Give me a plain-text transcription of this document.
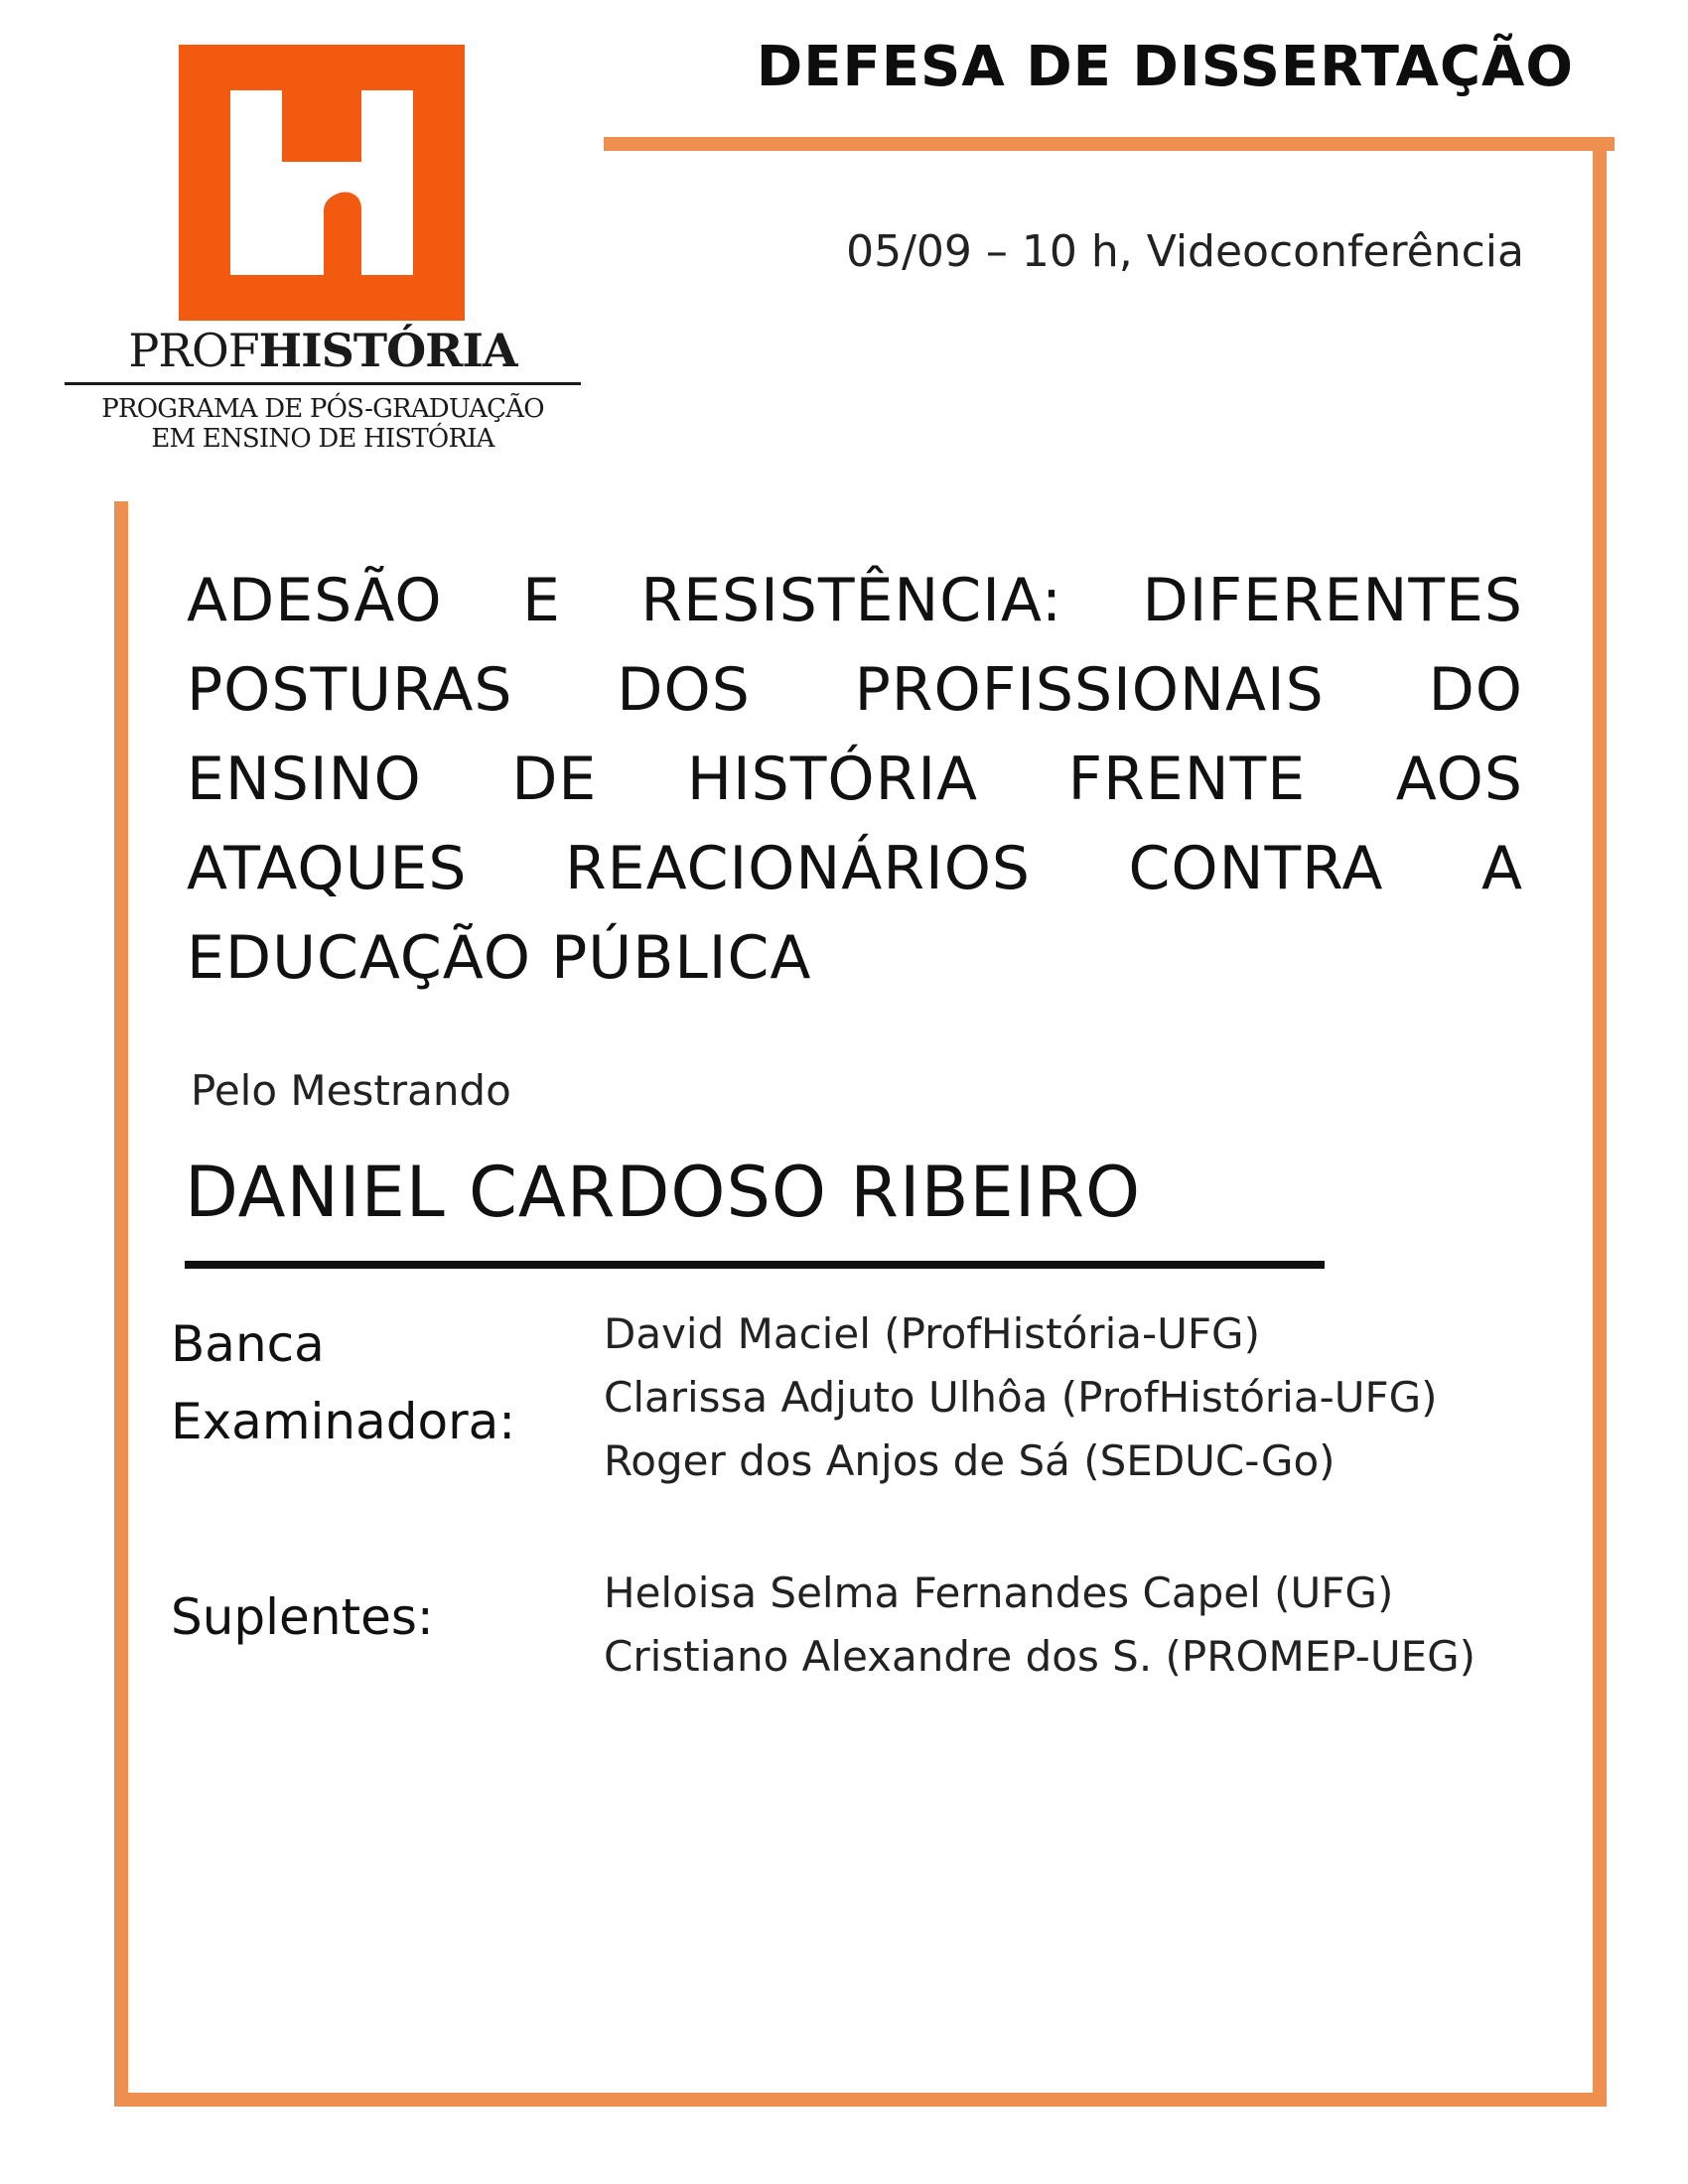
PROFHISTÓRIA
PROGRAMA DE PÓS-GRADUAÇÃO
EM ENSINO DE HISTÓRIA
DEFESA DE DISSERTAÇÃO
05/09 – 10 h, Videoconferência
ADESÃO E RESISTÊNCIA: DIFERENTES POSTURAS DOS PROFISSIONAIS DO ENSINO DE HISTÓRIA FRENTE AOS ATAQUES REACIONÁRIOS CONTRA A EDUCAÇÃO PÚBLICA
Pelo Mestrando
DANIEL CARDOSO RIBEIRO
Banca
Examinadora:
David Maciel (ProfHistória-UFG)
Clarissa Adjuto Ulhôa (ProfHistória-UFG)
Roger dos Anjos de Sá (SEDUC-Go)
Suplentes:	Heloisa Selma Fernandes Capel (UFG)
Cristiano Alexandre dos S. (PROMEP-UEG)
